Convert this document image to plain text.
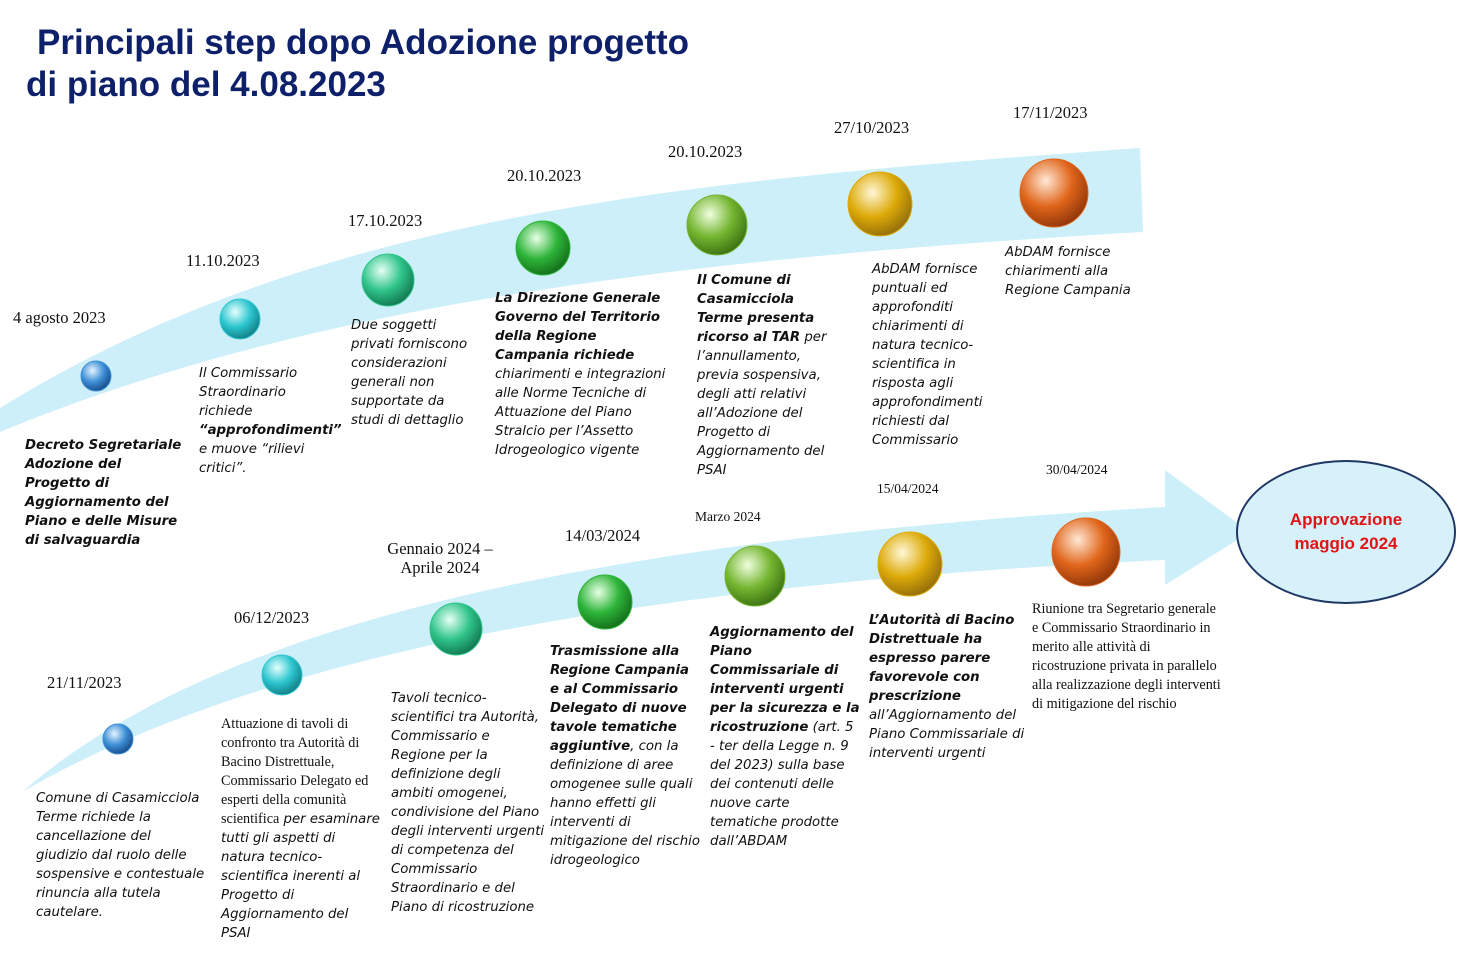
Principali step dopo Adozione progetto
di piano del 4.08.2023
4 agosto 2023
11.10.2023
17.10.2023
20.10.2023
20.10.2023
27/10/2023
17/11/2023
Decreto Segretariale Adozione del Progetto di Aggiornamento del Piano e delle Misure di salvaguardia
Il Commissario Straordinario richiede “approfondimenti” e muove “rilievi critici”.
Due soggetti privati forniscono considerazioni generali non supportate da studi di dettaglio
La Direzione Generale Governo del Territorio della Regione Campania richiede chiarimenti e integrazioni alle Norme Tecniche di Attuazione del Piano Stralcio per l’Assetto Idrogeologico vigente
Il Comune di Casamicciola Terme presenta ricorso al TAR per l’annullamento, previa sospensiva, degli atti relativi all’Adozione del Progetto di Aggiornamento del PSAI
AbDAM fornisce puntuali ed approfonditi chiarimenti di natura tecnico-scientifica in risposta agli approfondimenti richiesti dal Commissario
AbDAM fornisce chiarimenti alla Regione Campania
21/11/2023
06/12/2023
Gennaio 2024 – Aprile 2024
14/03/2024
Marzo 2024
15/04/2024
30/04/2024
Comune di Casamicciola Terme richiede la cancellazione del giudizio dal ruolo delle sospensive e contestuale rinuncia alla tutela cautelare.
Attuazione di tavoli di confronto tra Autorità di Bacino Distrettuale, Commissario Delegato ed esperti della comunità scientifica per esaminare tutti gli aspetti di natura tecnico-scientifica inerenti al Progetto di Aggiornamento del PSAI
Tavoli tecnico-scientifici tra Autorità, Commissario e Regione per la definizione degli ambiti omogenei, condivisione del Piano degli interventi urgenti di competenza del Commissario Straordinario e del Piano di ricostruzione
Trasmissione alla Regione Campania e al Commissario Delegato di nuove tavole tematiche aggiuntive, con la definizione di aree omogenee sulle quali hanno effetti gli interventi di mitigazione del rischio idrogeologico
Aggiornamento del Piano Commissariale di interventi urgenti per la sicurezza e la ricostruzione (art. 5 - ter della Legge n. 9 del 2023) sulla base dei contenuti delle nuove carte tematiche prodotte dall’ABDAM
L’Autorità di Bacino Distrettuale ha espresso parere favorevole con prescrizione all’Aggiornamento del Piano Commissariale di interventi urgenti
Riunione tra Segretario generale e Commissario Straordinario in merito alle attività di ricostruzione privata in parallelo alla realizzazione degli interventi di mitigazione del rischio
Approvazione
maggio 2024
